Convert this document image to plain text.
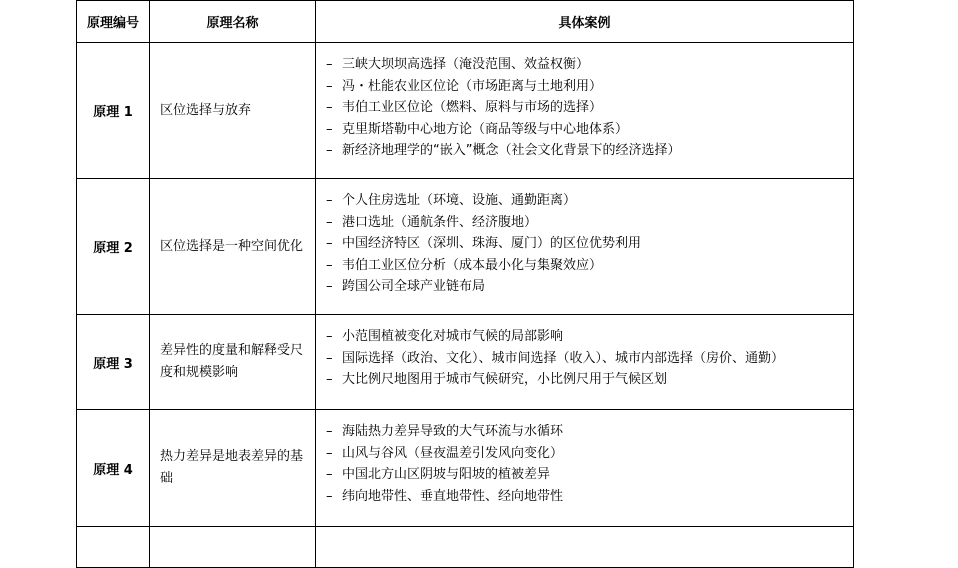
原理编号	原理名称	具体案例
原理 1	区位选择与放弃	– 三峡大坝坝高选择（淹没范围、效益权衡）
– 冯・杜能农业区位论（市场距离与土地利用）
– 韦伯工业区位论（燃料、原料与市场的选择）
– 克里斯塔勒中心地方论（商品等级与中心地体系）
– 新经济地理学的“嵌入”概念（社会文化背景下的经济选择）

原理 2	区位选择是一种空间优化	– 个人住房选址（环境、设施、通勤距离）
– 港口选址（通航条件、经济腹地）
– 中国经济特区（深圳、珠海、厦门）的区位优势利用
– 韦伯工业区位分析（成本最小化与集聚效应）
– 跨国公司全球产业链布局

原理 3	差异性的度量和解释受尺度和规模影响	– 小范围植被变化对城市气候的局部影响
– 国际选择（政治、文化）、城市间选择（收入）、城市内部选择（房价、通勤）
– 大比例尺地图用于城市气候研究，小比例尺用于气候区划

原理 4	热力差异是地表差异的基础	– 海陆热力差异导致的大气环流与水循环
– 山风与谷风（昼夜温差引发风向变化）
– 中国北方山区阴坡与阳坡的植被差异
– 纬向地带性、垂直地带性、经向地带性
